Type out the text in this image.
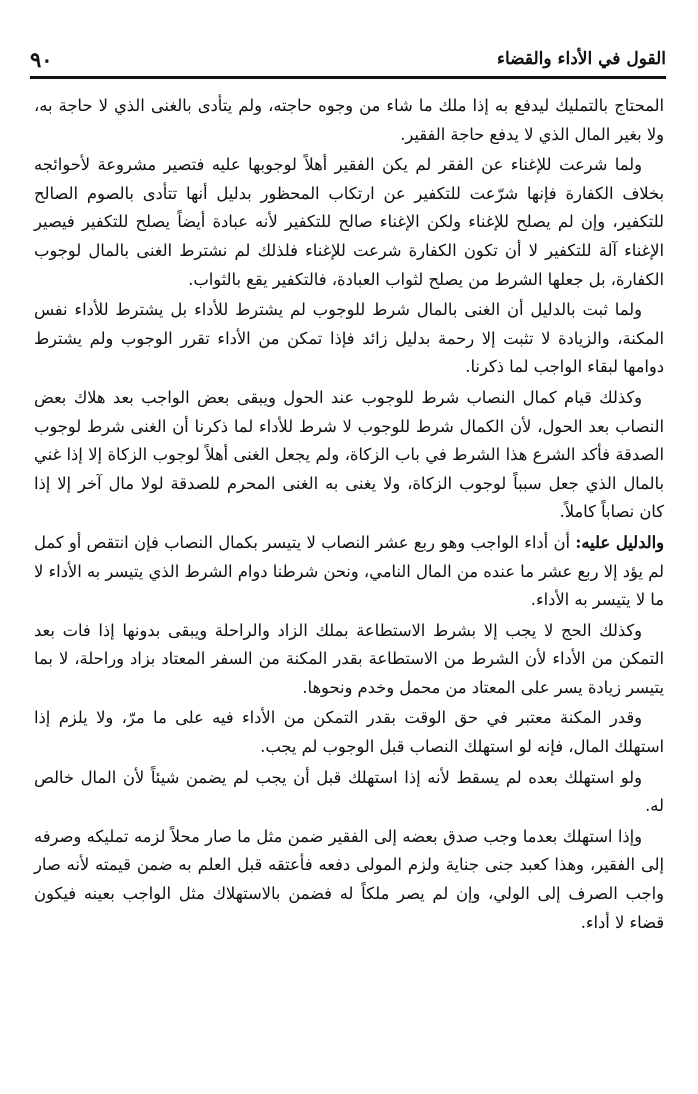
القول في الأداء والقضاء
٩٠

المحتاج بالتمليك ليدفع به إذا ملك ما شاء من وجوه حاجته، ولم يتأدى بالغنى الذي لا حاجة به، ولا بغير المال الذي لا يدفع حاجة الفقير.

ولما شرعت للإغناء عن الفقر لم يكن الفقير أهلاً لوجوبها عليه فتصير مشروعة لأحوائجه بخلاف الكفارة فإنها شرّعت للتكفير عن ارتكاب المحظور بدليل أنها تتأدى بالصوم الصالح للتكفير، وإن لم يصلح للإغناء ولكن الإغناء صالح للتكفير لأنه عبادة أيضاً يصلح للتكفير فيصير الإغناء آلة للتكفير لا أن تكون الكفارة شرعت للإغناء فلذلك لم نشترط الغنى بالمال لوجوب الكفارة، بل جعلها الشرط من يصلح لثواب العبادة، فالتكفير يقع بالثواب.

ولما ثبت بالدليل أن الغنى بالمال شرط للوجوب لم يشترط للأداء بل يشترط للأداء نفس المكنة، والزيادة لا تثبت إلا رحمة بدليل زائد فإذا تمكن من الأداء تقرر الوجوب ولم يشترط دوامها لبقاء الواجب لما ذكرنا.

وكذلك قيام كمال النصاب شرط للوجوب عند الحول ويبقى بعض الواجب بعد هلاك بعض النصاب بعد الحول، لأن الكمال شرط للوجوب لا شرط للأداء لما ذكرنا أن الغنى شرط لوجوب الصدقة فأكد الشرع هذا الشرط في باب الزكاة، ولم يجعل الغنى أهلاً لوجوب الزكاة إلا إذا غني بالمال الذي جعل سبباً لوجوب الزكاة، ولا يغنى به الغنى المحرم للصدقة لولا مال آخر إلا إذا كان نصاباً كاملاً.

والدليل عليه: أن أداء الواجب وهو ربع عشر النصاب لا يتيسر بكمال النصاب فإن انتقص أو كمل لم يؤد إلا ربع عشر ما عنده من المال النامي، ونحن شرطنا دوام الشرط الذي يتيسر به الأداء لا ما لا يتيسر به الأداء.

وكذلك الحج لا يجب إلا بشرط الاستطاعة بملك الزاد والراحلة ويبقى بدونها إذا فات بعد التمكن من الأداء لأن الشرط من الاستطاعة بقدر المكنة من السفر المعتاد بزاد وراحلة، لا بما يتيسر زيادة يسر على المعتاد من محمل وخدم ونحوها.

وقدر المكنة معتبر في حق الوقت بقدر التمكن من الأداء فيه على ما مرّ، ولا يلزم إذا استهلك المال، فإنه لو استهلك النصاب قبل الوجوب لم يجب.

ولو استهلك بعده لم يسقط لأنه إذا استهلك قبل أن يجب لم يضمن شيئاً لأن المال خالص له.

وإذا استهلك بعدما وجب صدق بعضه إلى الفقير ضمن مثل ما صار محلاً لزمه تمليكه وصرفه إلى الفقير، وهذا كعبد جنى جناية ولزم المولى دفعه فأعتقه قبل العلم به ضمن قيمته لأنه صار واجب الصرف إلى الولي، وإن لم يصر ملكاً له فضمن بالاستهلاك مثل الواجب بعينه فيكون قضاء لا أداء.
